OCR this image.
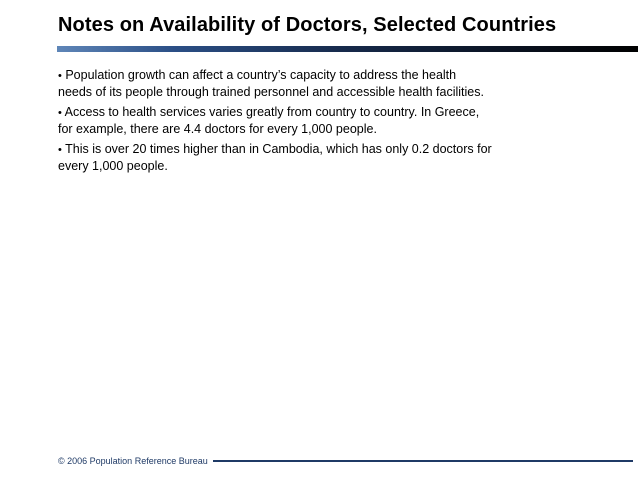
Notes on Availability of Doctors, Selected Countries
• Population growth can affect a country’s capacity to address the health
needs of its people through trained personnel and accessible health facilities.
• Access to health services varies greatly from country to country. In Greece,
for example, there are 4.4 doctors for every 1,000 people.
• This is over 20 times higher than in Cambodia, which has only 0.2 doctors for
every 1,000 people.
© 2006 Population Reference Bureau
